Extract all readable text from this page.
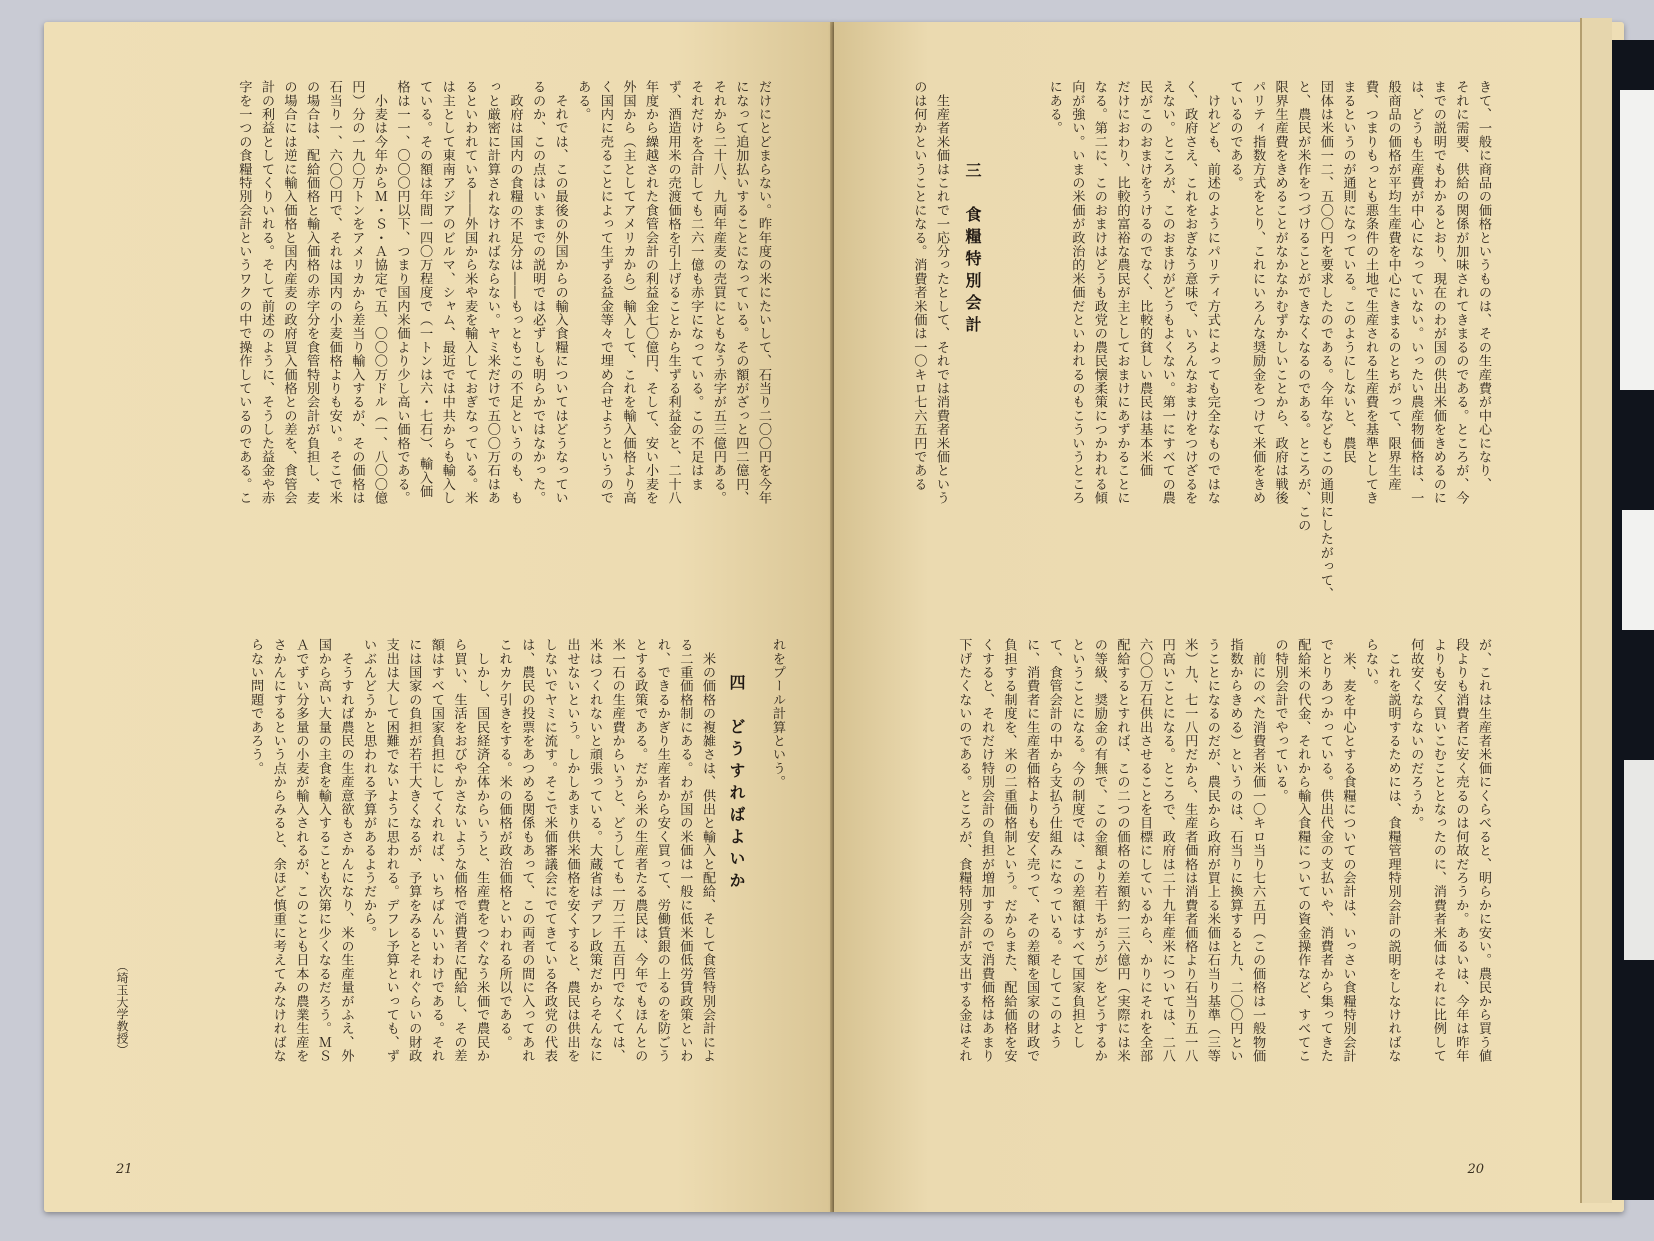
だけにとどまらない。昨年度の米にたいして、石当り二〇〇円を今年
になって追加払いすることになっている。その額がざっと四二億円、
それから二十八、九両年産麦の売買にともなう赤字が五三億円ある。
それだけを合計しても二六一億も赤字になっている。この不足はま
ず、酒造用米の売渡価格を引上げることから生ずる利益金と、二十八
年度から繰越された食管会計の利益金七〇億円、そして、安い小麦を
外国から（主としてアメリカから）輸入して、これを輸入価格より高
く国内に売ることによって生ずる益金等々で埋め合せようというので
ある。
　それでは、この最後の外国からの輸入食糧についてはどうなってい
るのか、この点はいままでの説明では必ずしも明らかではなかった。
　政府は国内の食糧の不足分は――もっともこの不足というのも、も
っと厳密に計算されなければならない。ヤミ米だけで五〇〇万石はあ
るといわれている――外国から米や麦を輸入しておぎなっている。米
は主として東南アジアのビルマ、シャム、最近では中共からも輸入し
ている。その額は年間一四〇万程度で（一トンは六・七石）、輸入価
格は一一、〇〇〇円以下、つまり国内米価より少し高い価格である。
　小麦は今年からＭ・Ｓ・Ａ協定で五、〇〇〇万ドル（一、八〇〇億
円）分の一九〇万トンをアメリカから差当り輸入するが、その価格は
石当り一、六〇〇円で、それは国内の小麦価格よりも安い。そこで米
の場合は、配給価格と輸入価格の赤字分を食管特別会計が負担し、麦
の場合には逆に輸入価格と国内産麦の政府買入価格との差を、食管会
計の利益としてくりいれる。そして前述のように、そうした益金や赤
字を一つの食糧特別会計というワクの中で操作しているのである。こ
れをプール計算という。
四　どうすればよいか
　米の価格の複雑さは、供出と輸入と配給、そして食管特別会計によ
る二重価格制にある。わが国の米価は一般に低米価低労賃政策といわ
れ、できるかぎり生産者から安く買って、労働賃銀の上るのを防ごう
とする政策である。だから米の生産者たる農民は、今年でもほんとの
米一石の生産費からいうと、どうしても一万二千五百円でなくては、
米はつくれないと頑張っている。大蔵省はデフレ政策だからそんなに
出せないという。しかしあまり供米価格を安くすると、農民は供出を
しないでヤミに流す。そこで米価審議会にでてきている各政党の代表
は、農民の投票をあつめる関係もあって、この両者の間に入ってあれ
これカケ引きをする。米の価格が政治価格といわれる所以である。
　しかし、国民経済全体からいうと、生産費をつぐなう米価で農民か
ら買い、生活をおびやかさないような価格で消費者に配給し、その差
額はすべて国家負担にしてくれれば、いちばんいいわけである。それ
には国家の負担が若干大きくなるが、予算をみるとそれぐらいの財政
支出は大して困難でないように思われる。デフレ予算といっても、ず
いぶんどうかと思われる予算があるようだから。
　そうすれば農民の生産意欲もさかんになり、米の生産量がふえ、外
国から高い大量の主食を輸入することも次第に少くなるだろう。ＭＳ
Ａでずい分多量の小麦が輸入されるが、このことも日本の農業生産を
さかんにするという点からみると、余ほど慎重に考えてみなければな
らない問題であろう。
（埼玉大学教授）
21
きて、一般に商品の価格というものは、その生産費が中心になり、
それに需要、供給の関係が加味されてきまるのである。ところが、今
までの説明でもわかるとおり、現在のわが国の供出米価をきめるのに
は、どうも生産費が中心になっていない。いったい農産物価格は、一
般商品の価格が平均生産費を中心にきまるのとちがって、限界生産
費、つまりもっとも悪条件の土地で生産される生産費を基準としてき
まるというのが通則になっている。このようにしないと、農民
団体は米価一二、五〇〇円を要求したのである。今年などもこの通則にしたがって、
と、農民が米作をつづけることができなくなるのである。ところが、この
限界生産費をきめることがなかなかむずかしいことから、政府は戦後
パリティ指数方式をとり、これにいろんな奨励金をつけて米価をきめ
ているのである。
　けれども、前述のようにパリティ方式によっても完全なものではな
く、政府さえ、これをおぎなう意味で、いろんなおまけをつけざるを
えない。ところが、このおまけがどうもよくない。第一にすべての農
民がこのおまけをうけるのでなく、比較的貧しい農民は基本米価
だけにおわり、比較的富裕な農民が主としておまけにあずかることに
なる。第二に、このおまけはどうも政党の農民懐柔策につかわれる傾
向が強い。いまの米価が政治的米価だといわれるのもこういうところ
にある。
三　食糧特別会計
　生産者米価はこれで一応分ったとして、それでは消費者米価という
のは何かということになる。消費者米価は一〇キロ七六五円である
が、これは生産者米価にくらべると、明らかに安い。農民から買う値
段よりも消費者に安く売るのは何故だろうか。あるいは、今年は昨年
よりも安く買いこむこととなったのに、消費者米価はそれに比例して
何故安くならないのだろうか。
　これを説明するためには、食糧管理特別会計の説明をしなければな
らない。
　米、麦を中心とする食糧についての会計は、いっさい食糧特別会計
でとりあつかっている。供出代金の支払いや、消費者から集ってきた
配給米の代金、それから輸入食糧についての資金操作など、すべてこ
の特別会計でやっている。
　前にのべた消費者米価一〇キロ当り七六五円（この価格は一般物価
指数からきめる）というのは、石当りに換算すると九、二〇〇円とい
うことになるのだが、農民から政府が買上る米価は石当り基準（三等
米）九、七一八円だから、生産者価格は消費者価格より石当り五一八
円高いことになる。ところで、政府は二十九年産米については、二八
六〇〇万石供出させることを目標にしているから、かりにそれを全部
配給するとすれば、この二つの価格の差額約一三六億円（実際には米
の等級、奨励金の有無で、この金額より若干ちがうが）をどうするか
ということになる。今の制度では、この差額はすべて国家負担とし
て、食管会計の中から支払う仕組みになっている。そしてこのよう
に、消費者に生産者価格よりも安く売って、その差額を国家の財政で
負担する制度を、米の二重価格制という。だからまた、配給価格を安
くすると、それだけ特別会計の負担が増加するので消費価格はあまり
下げたくないのである。ところが、食糧特別会計が支出する金はそれ
20
